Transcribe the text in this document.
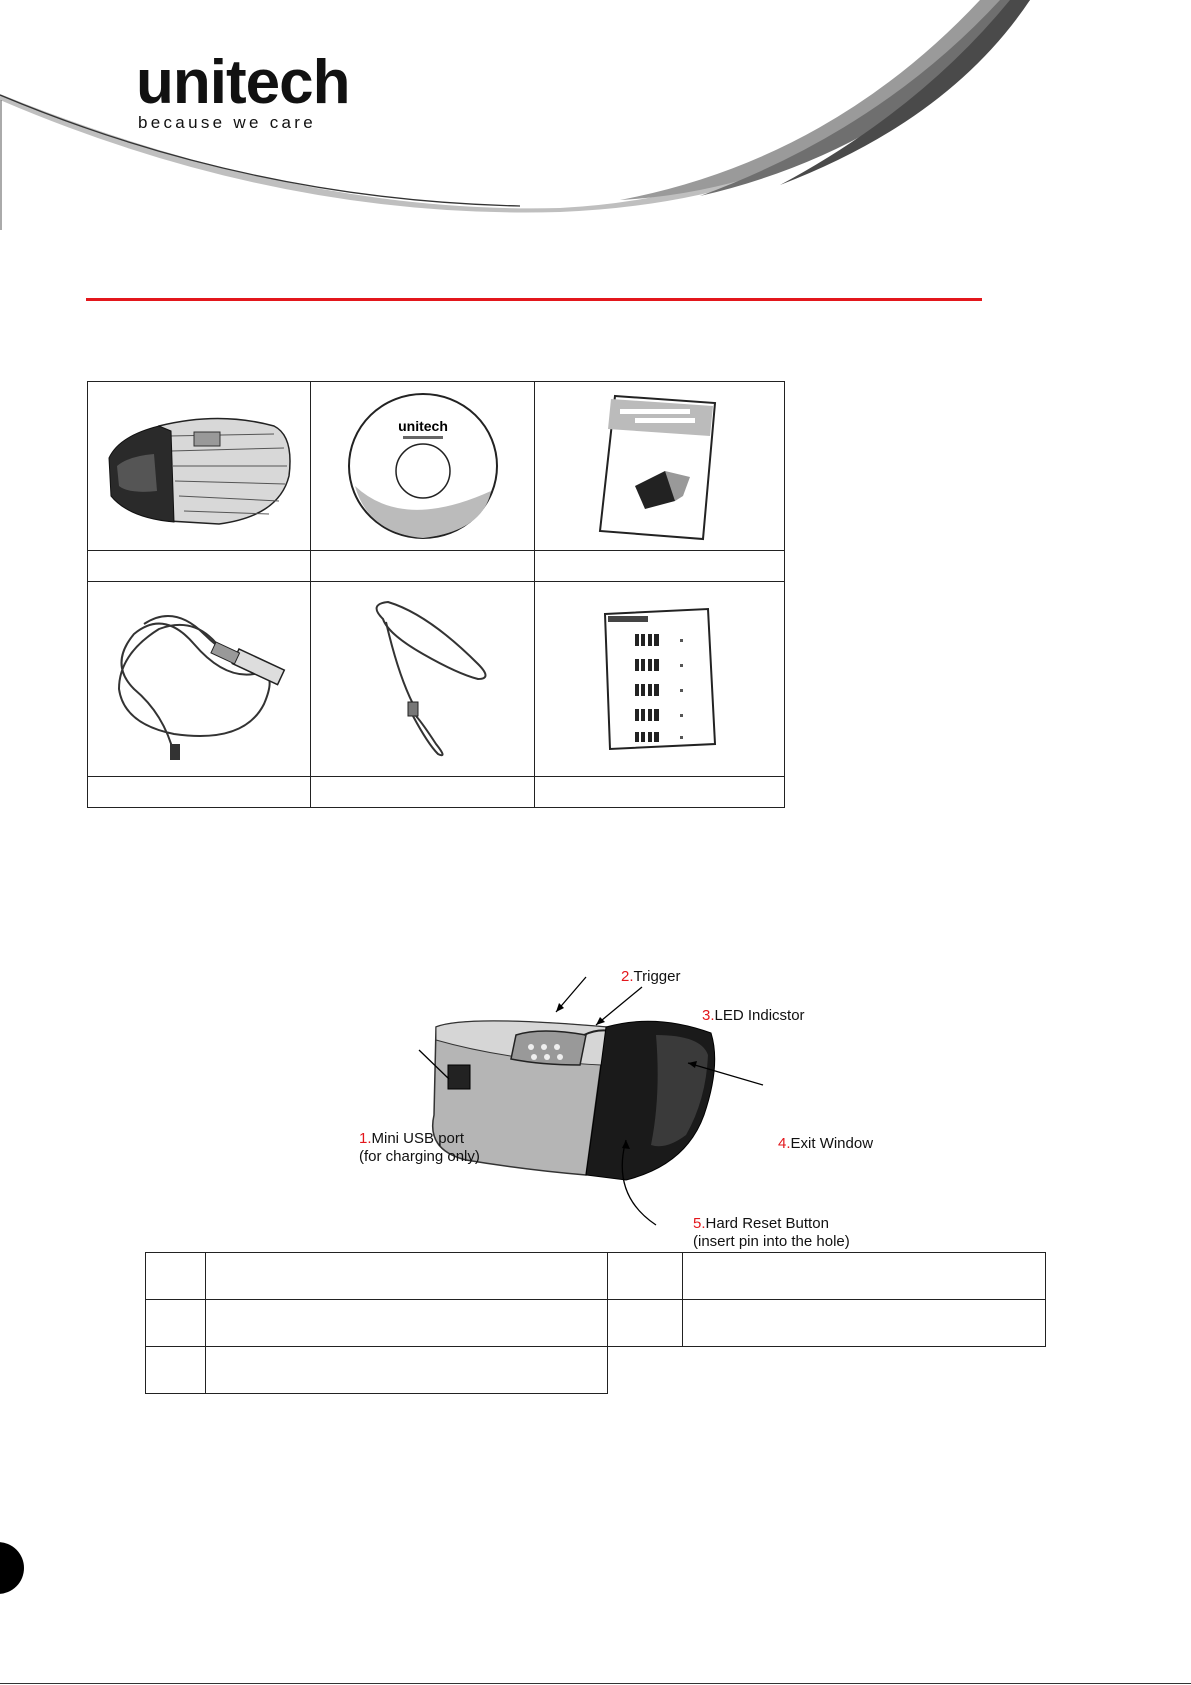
unitech
because we care

unitech

1.Mini USB port
(for charging only)
2.Trigger
3.LED Indicstor
4.Exit Window
5.Hard Reset Button
(insert pin into the hole)
